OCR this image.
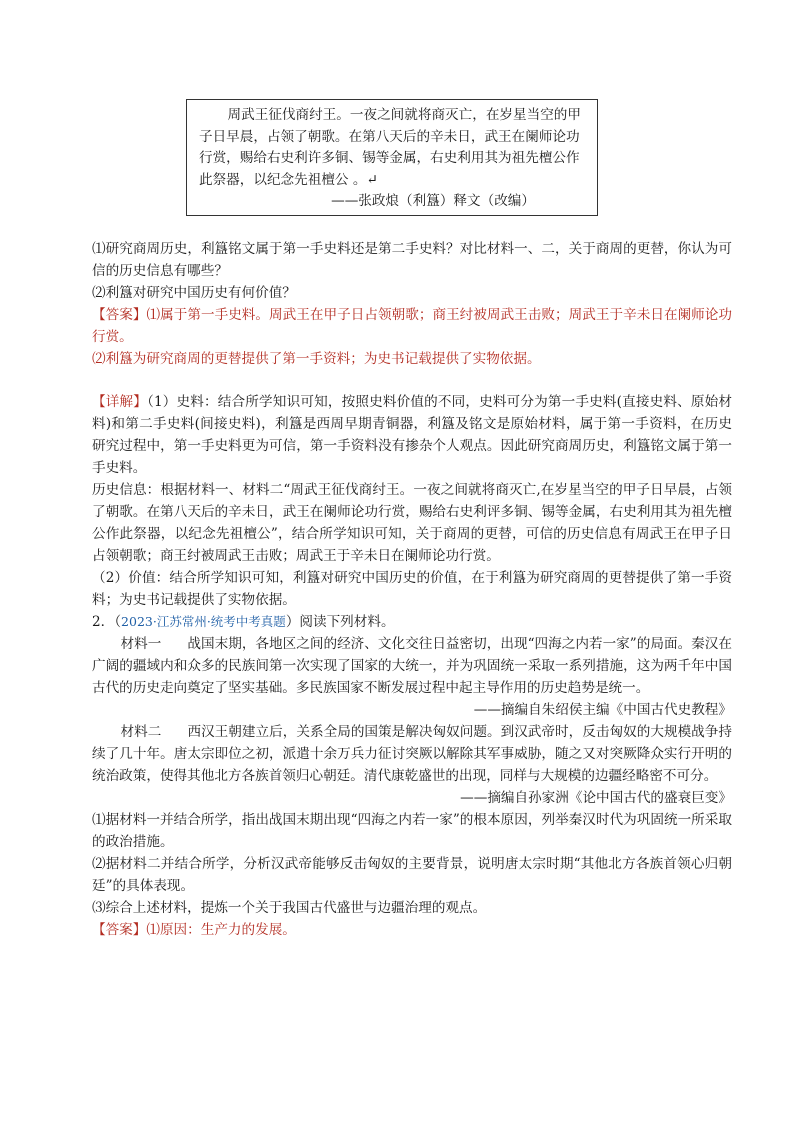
周武王征伐商纣王。一夜之间就将商灭亡，在岁星当空的甲子日早晨，占领了朝歌。在第八天后的辛未日，武王在阑师论功行赏，赐给右史利许多铜、锡等金属，右史利用其为祖先檀公作此祭器，以纪念先祖檀公 。↵

——张政烺（利簋）释文（改编）

⑴研究商周历史，利簋铭文属于第一手史料还是第二手史料？对比材料一、二，关于商周的更替，你认为可信的历史信息有哪些？

⑵利簋对研究中国历史有何价值？

【答案】⑴属于第一手史料。周武王在甲子日占领朝歌；商王纣被周武王击败；周武王于辛未日在阑师论功行赏。

⑵利簋为研究商周的更替提供了第一手资料；为史书记载提供了实物依据。

【详解】（1）史料：结合所学知识可知，按照史料价值的不同，史料可分为第一手史料(直接史料、原始材料)和第二手史料(间接史料)，利簋是西周早期青铜器，利簋及铭文是原始材料，属于第一手资料，在历史研究过程中，第一手史料更为可信，第一手资料没有掺杂个人观点。因此研究商周历史，利簋铭文属于第一手史料。

历史信息：根据材料一、材料二“周武王征伐商纣王。一夜之间就将商灭亡,在岁星当空的甲子日早晨，占领了朝歌。在第八天后的辛未日，武王在阑师论功行赏，赐给右史利评多铜、锡等金属，右史利用其为祖先檀公作此祭器，以纪念先祖檀公”，结合所学知识可知，关于商周的更替，可信的历史信息有周武王在甲子日占领朝歌；商王纣被周武王击败；周武王于辛未日在阑师论功行赏。

（2）价值：结合所学知识可知，利簋对研究中国历史的价值，在于利簋为研究商周的更替提供了第一手资料；为史书记载提供了实物依据。

2．（2023·江苏常州·统考中考真题）阅读下列材料。

材料一 战国末期，各地区之间的经济、文化交往日益密切，出现“四海之内若一家”的局面。秦汉在广阔的疆域内和众多的民族间第一次实现了国家的大统一，并为巩固统一采取一系列措施，这为两千年中国古代的历史走向奠定了坚实基础。多民族国家不断发展过程中起主导作用的历史趋势是统一。

——摘编自朱绍侯主编《中国古代史教程》

材料二 西汉王朝建立后，关系全局的国策是解决匈奴问题。到汉武帝时，反击匈奴的大规模战争持续了几十年。唐太宗即位之初，派遣十余万兵力征讨突厥以解除其军事威胁，随之又对突厥降众实行开明的统治政策，使得其他北方各族首领归心朝廷。清代康乾盛世的出现，同样与大规模的边疆经略密不可分。

——摘编自孙家洲《论中国古代的盛衰巨变》

⑴据材料一并结合所学，指出战国末期出现“四海之内若一家”的根本原因，列举秦汉时代为巩固统一所采取的政治措施。

⑵据材料二并结合所学，分析汉武帝能够反击匈奴的主要背景，说明唐太宗时期“其他北方各族首领心归朝廷”的具体表现。

⑶综合上述材料，提炼一个关于我国古代盛世与边疆治理的观点。

【答案】⑴原因：生产力的发展。
